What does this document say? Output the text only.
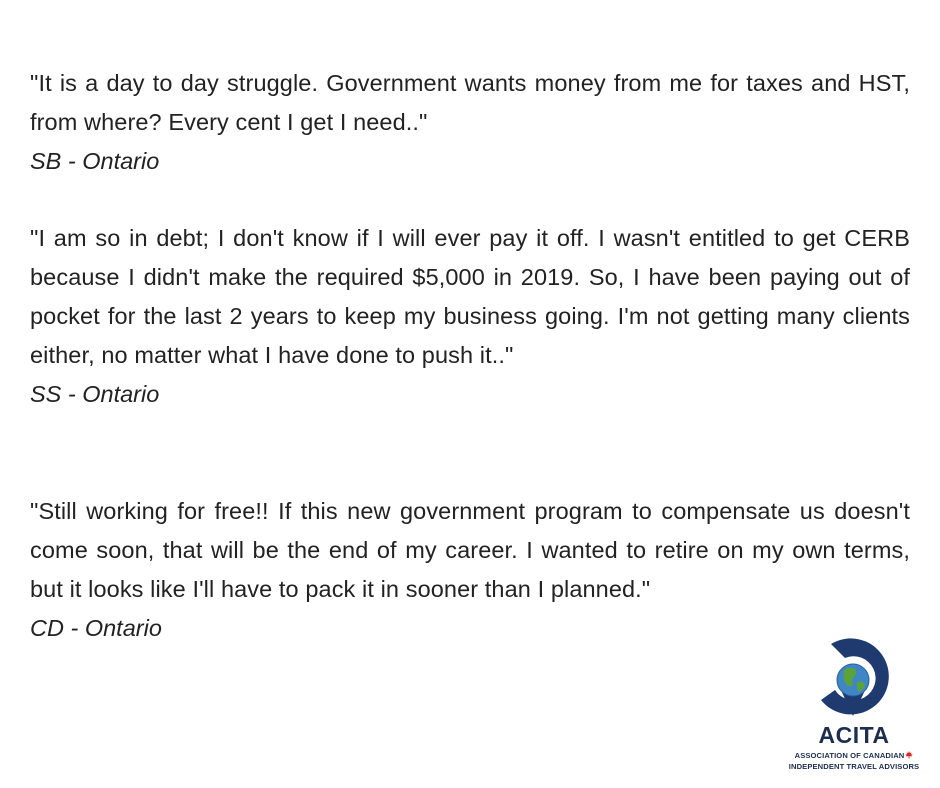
"It is a day to day struggle. Government wants money from me for taxes and HST, from where? Every cent I get I need.."

SB - Ontario

"I am so in debt; I don't know if I will ever pay it off. I wasn't entitled to get CERB because I didn't make the required $5,000 in 2019. So, I have been paying out of pocket for the last 2 years to keep my business going. I'm not getting many clients either, no matter what I have done to push it.."

SS - Ontario

"Still working for free!! If this new government program to compensate us doesn't come soon, that will be the end of my career. I wanted to retire on my own terms, but it looks like I'll have to pack it in sooner than I planned."

CD - Ontario

ACITA
ASSOCIATION OF CANADIAN
INDEPENDENT TRAVEL ADVISORS
